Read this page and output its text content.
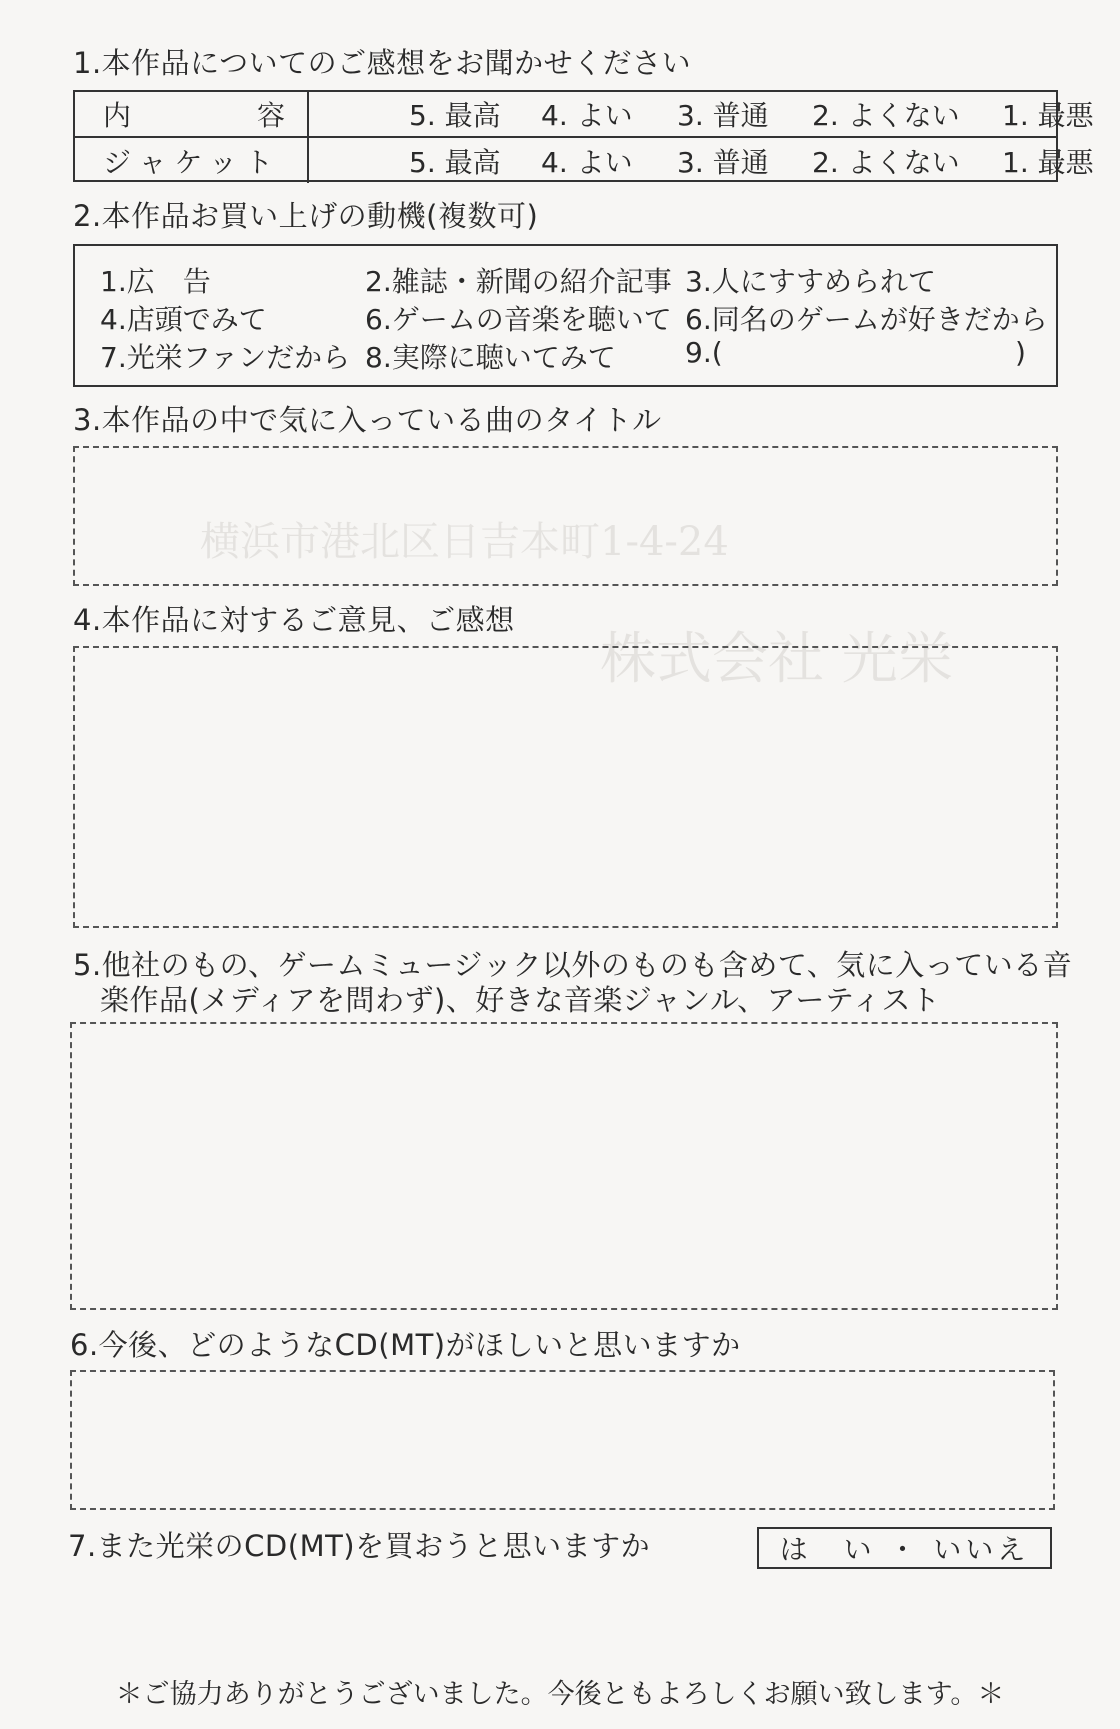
横浜市港北区日吉本町1-4-24
株式会社 光栄
1.本作品についてのご感想をお聞かせください
内	容	5. 最高 4. よい 3. 普通 2. よくない 1. 最悪
ジャケット	5. 最高 4. よい 3. 普通 2. よくない 1. 最悪
2.本作品お買い上げの動機(複数可)
1.広　告	2.雑誌・新聞の紹介記事 3.人にすすめられて
4.店頭でみて	6.ゲームの音楽を聴いて 6.同名のゲームが好きだから
7.光栄ファンだから 8.実際に聴いてみて 9.(	)
3.本作品の中で気に入っている曲のタイトル
4.本作品に対するご意見、ご感想
5.他社のもの、ゲームミュージック以外のものも含めて、気に入っている音
楽作品(メディアを問わず)、好きな音楽ジャンル、アーティスト
6.今後、どのようなCD(MT)がほしいと思いますか
7.また光栄のCD(MT)を買おうと思いますか	は　い ・ いいえ
＊ご協力ありがとうございました。今後ともよろしくお願い致します。＊
